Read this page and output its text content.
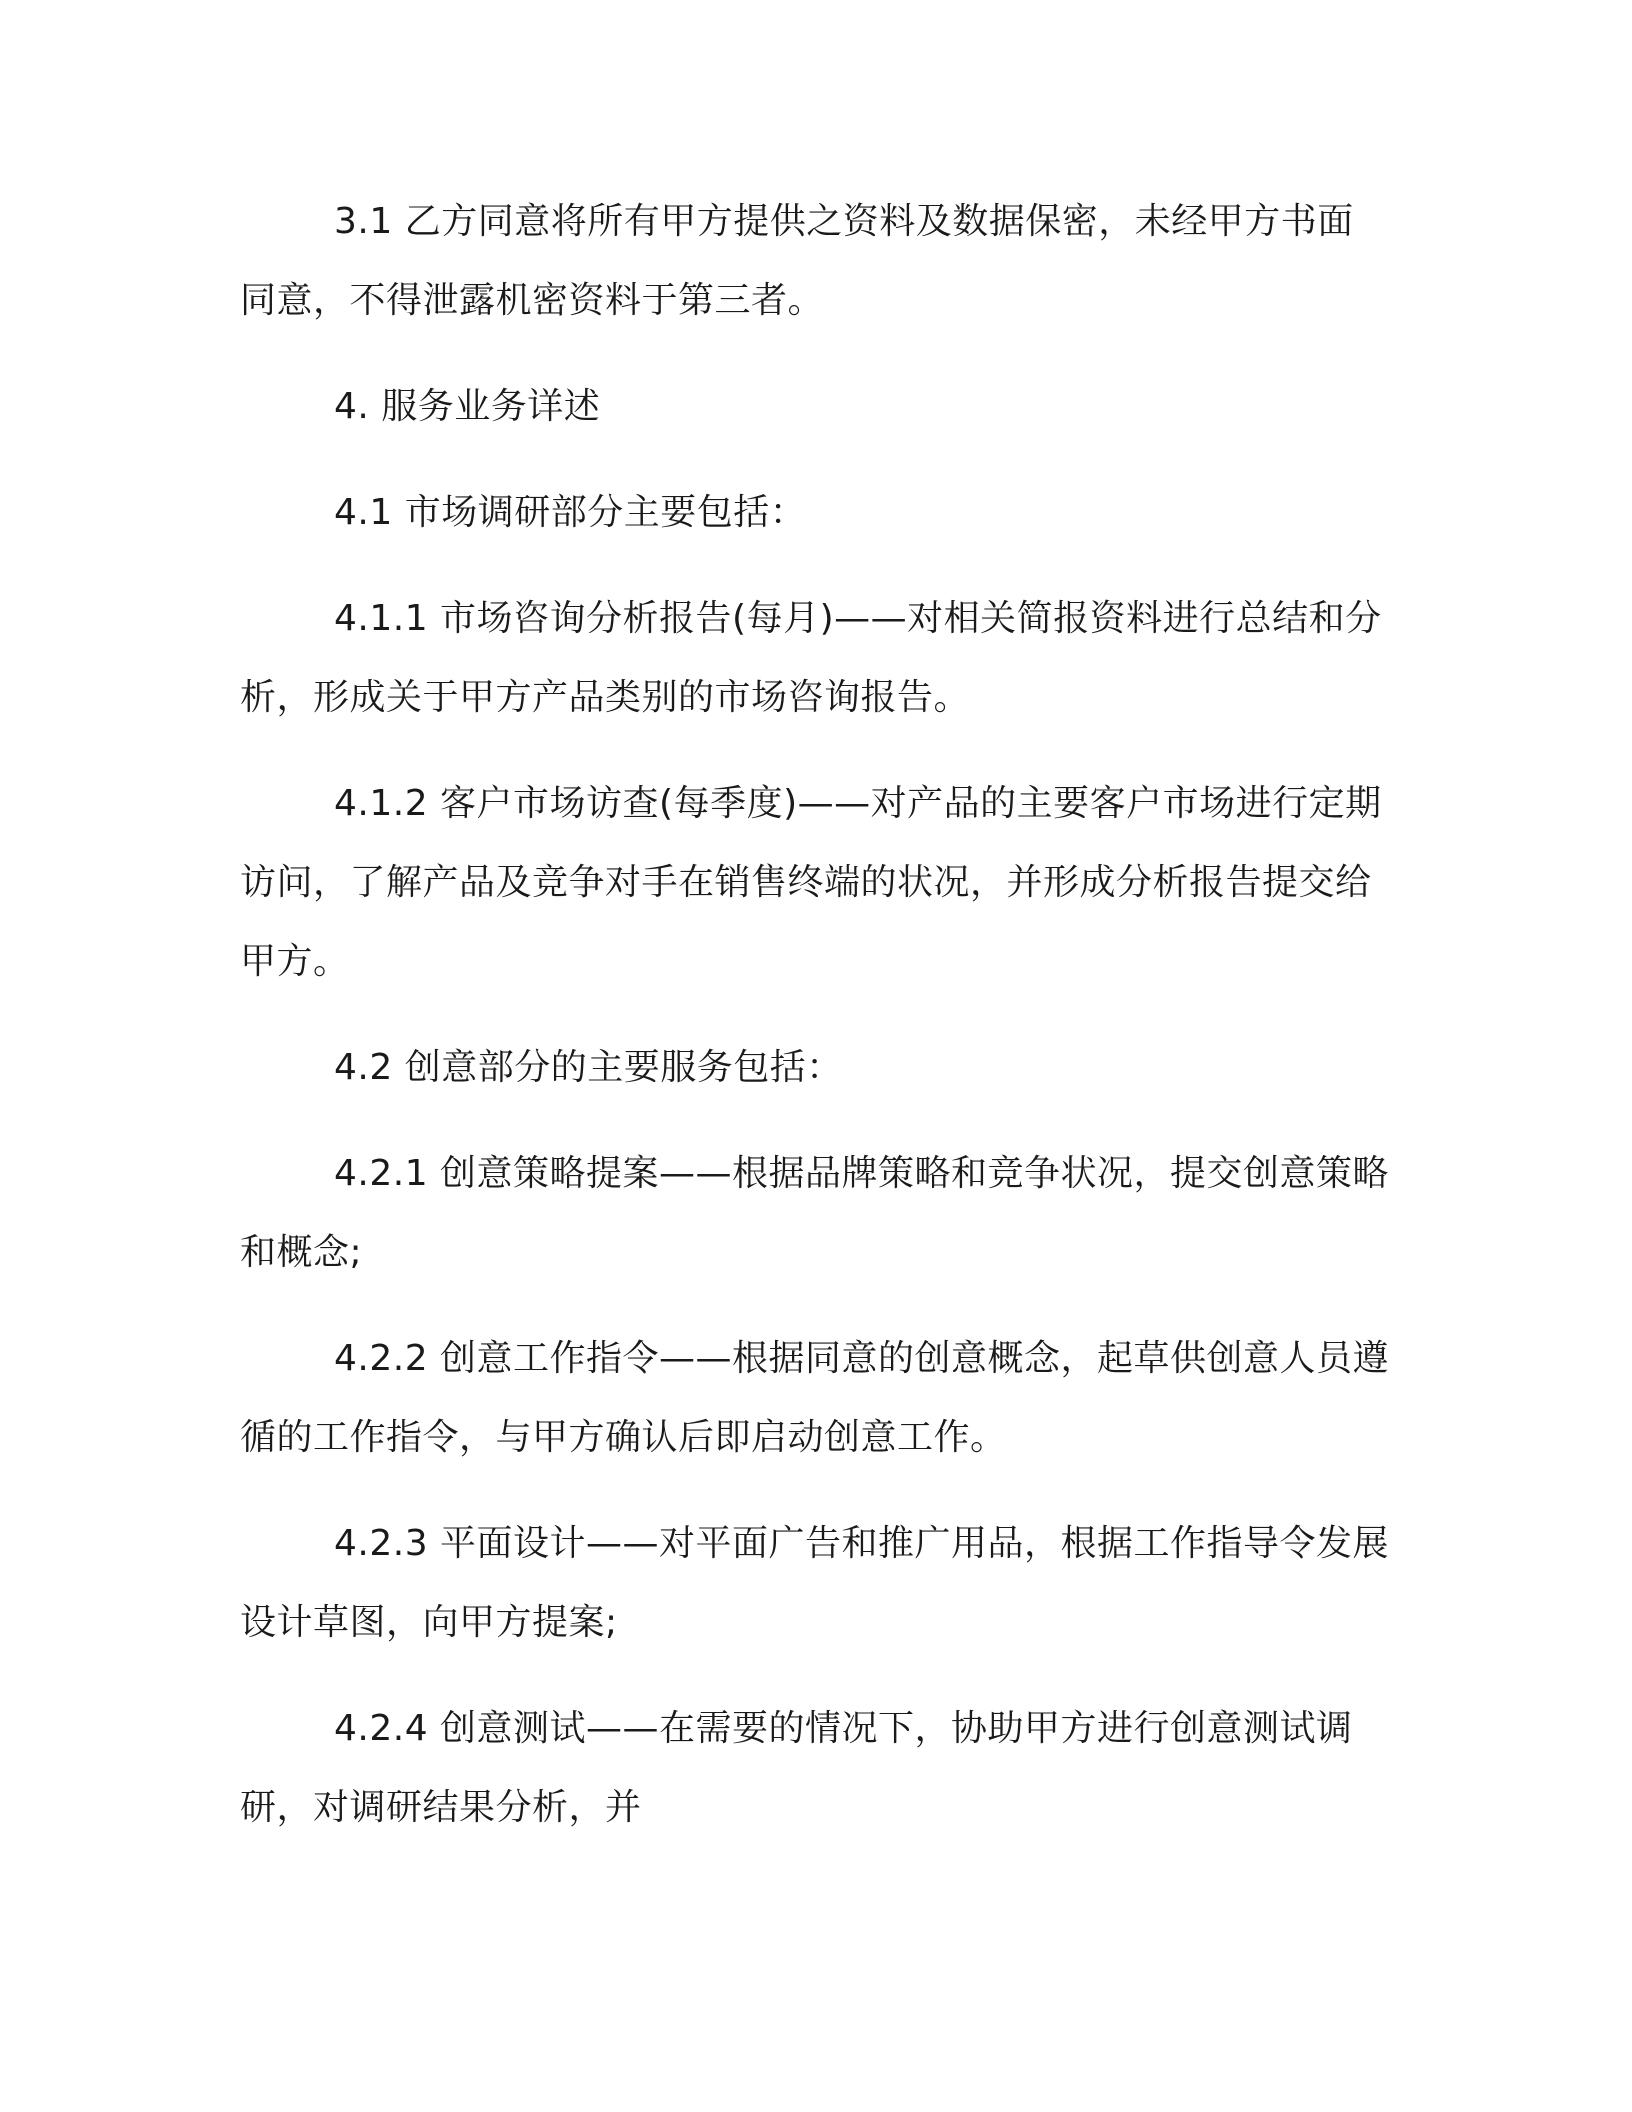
3.1 乙方同意将所有甲方提供之资料及数据保密，未经甲方书面同意，不得泄露机密资料于第三者。

4. 服务业务详述

4.1 市场调研部分主要包括：

4.1.1 市场咨询分析报告(每月)——对相关简报资料进行总结和分析，形成关于甲方产品类别的市场咨询报告。

4.1.2 客户市场访查(每季度)——对产品的主要客户市场进行定期访问，了解产品及竞争对手在销售终端的状况，并形成分析报告提交给甲方。

4.2 创意部分的主要服务包括：

4.2.1 创意策略提案——根据品牌策略和竞争状况，提交创意策略和概念;

4.2.2 创意工作指令——根据同意的创意概念，起草供创意人员遵循的工作指令，与甲方确认后即启动创意工作。

4.2.3 平面设计——对平面广告和推广用品，根据工作指导令发展设计草图，向甲方提案;

4.2.4 创意测试——在需要的情况下，协助甲方进行创意测试调研，对调研结果分析，并
